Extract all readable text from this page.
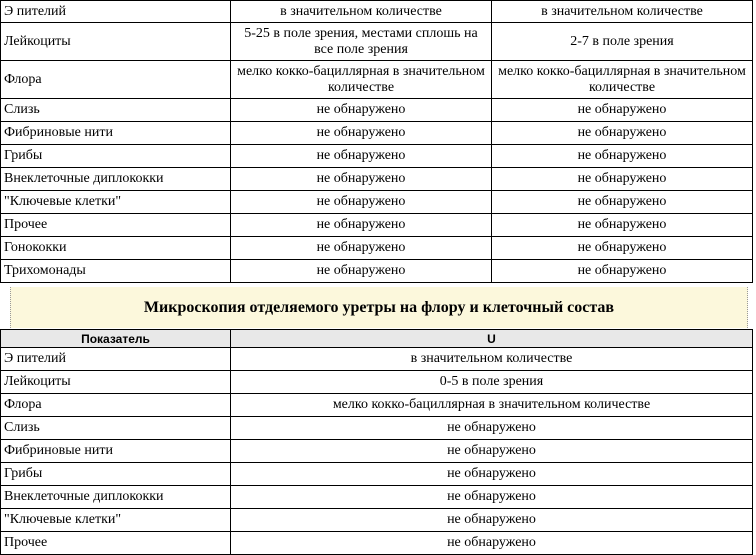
Э пителий	в значительном количестве	в значительном количестве
Лейкоциты	5-25 в поле зрения, местами сплошь на все поле зрения	2-7 в поле зрения
Флора	мелко кокко-бациллярная в значительном количестве	мелко кокко-бациллярная в значительном количестве
Слизь	не обнаружено	не обнаружено
Фибриновые нити	не обнаружено	не обнаружено
Грибы	не обнаружено	не обнаружено
Внеклеточные диплококки	не обнаружено	не обнаружено
"Ключевые клетки"	не обнаружено	не обнаружено
Прочее	не обнаружено	не обнаружено
Гонококки	не обнаружено	не обнаружено
Трихомонады	не обнаружено	не обнаружено
Микроскопия отделяемого уретры на флору и клеточный состав
Показатель	U
Э пителий	в значительном количестве
Лейкоциты	0-5 в поле зрения
Флора	мелко кокко-бациллярная в значительном количестве
Слизь	не обнаружено
Фибриновые нити	не обнаружено
Грибы	не обнаружено
Внеклеточные диплококки	не обнаружено
"Ключевые клетки"	не обнаружено
Прочее	не обнаружено
